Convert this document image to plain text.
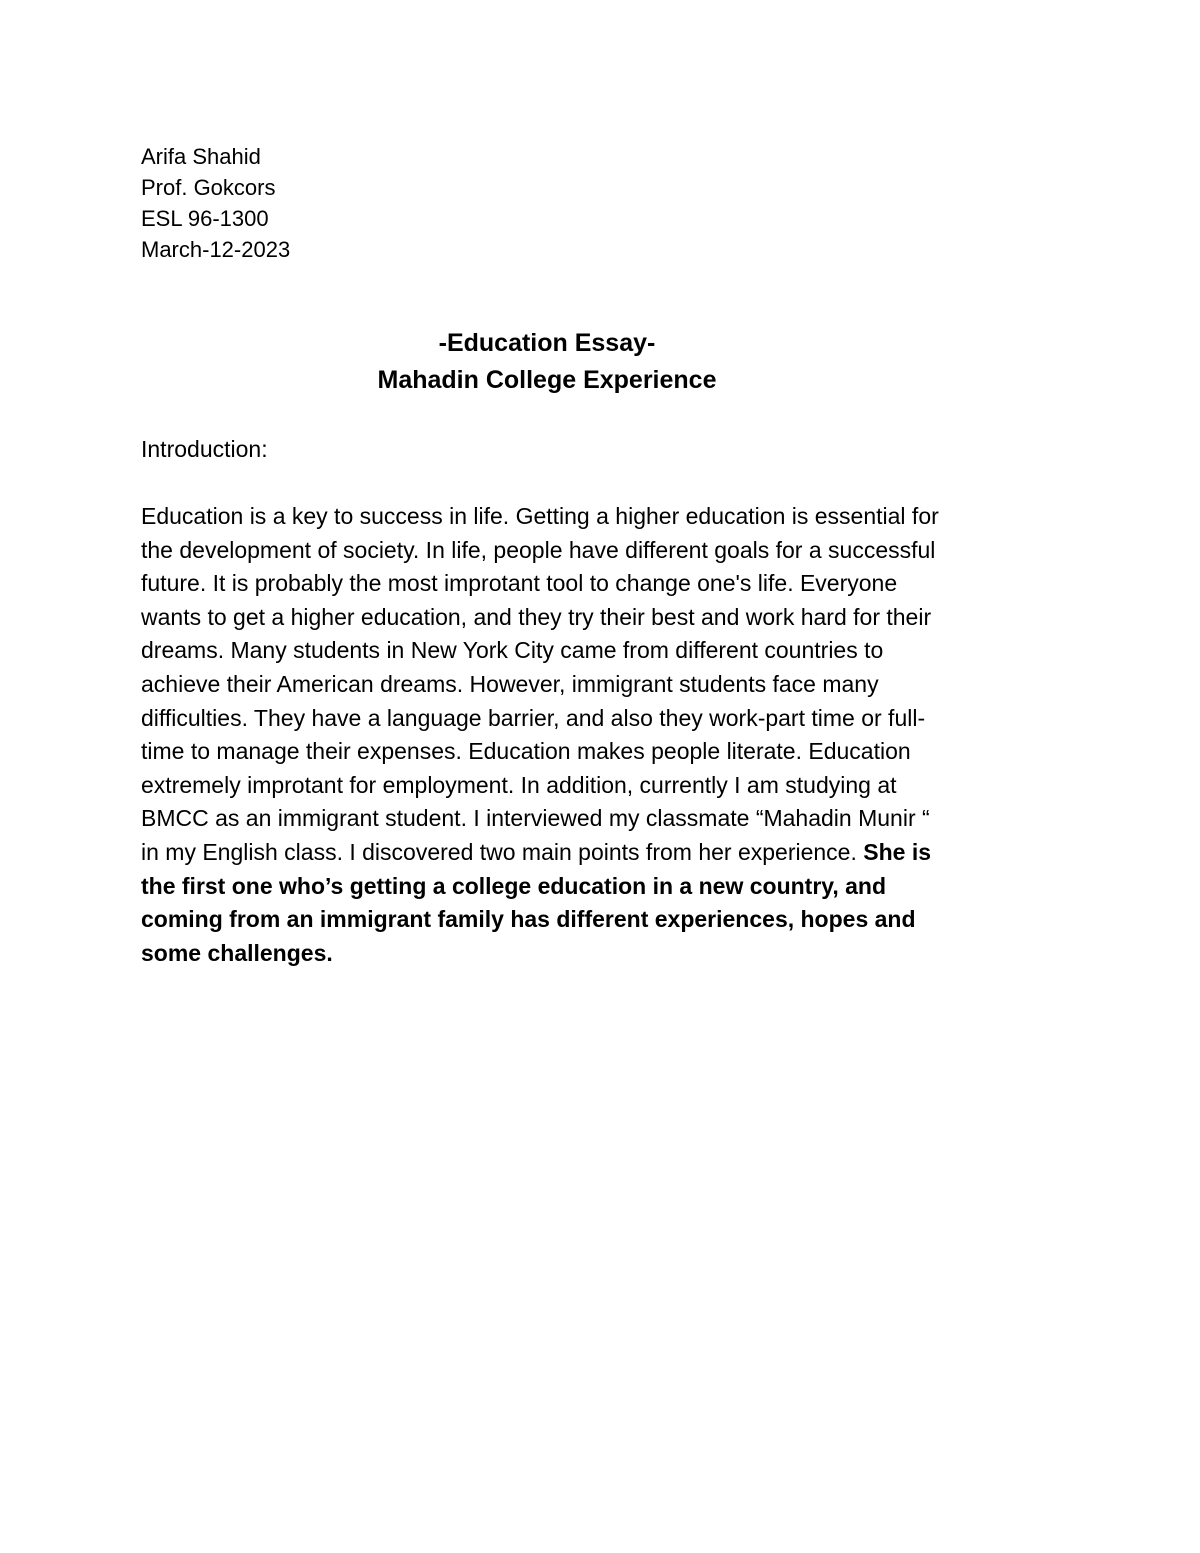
Arifa Shahid
Prof. Gokcors
ESL 96-1300
March-12-2023
-Education Essay-
Mahadin College Experience
Introduction:
Education is a key to success in life. Getting a higher education is essential for
the development of society. In life, people have different goals for a successful
future. It is probably the most improtant tool to change one's life. Everyone
wants to get a higher education, and they try their best and work hard for their
dreams. Many students in New York City came from different countries to
achieve their American dreams. However, immigrant students face many
difficulties. They have a language barrier, and also they work-part time or full-
time to manage their expenses. Education makes people literate. Education
extremely improtant for employment. In addition, currently I am studying at
BMCC as an immigrant student. I interviewed my classmate “Mahadin Munir “
in my English class. I discovered two main points from her experience. She is
the first one who’s getting a college education in a new country, and
coming from an immigrant family has different experiences, hopes and
some challenges.
